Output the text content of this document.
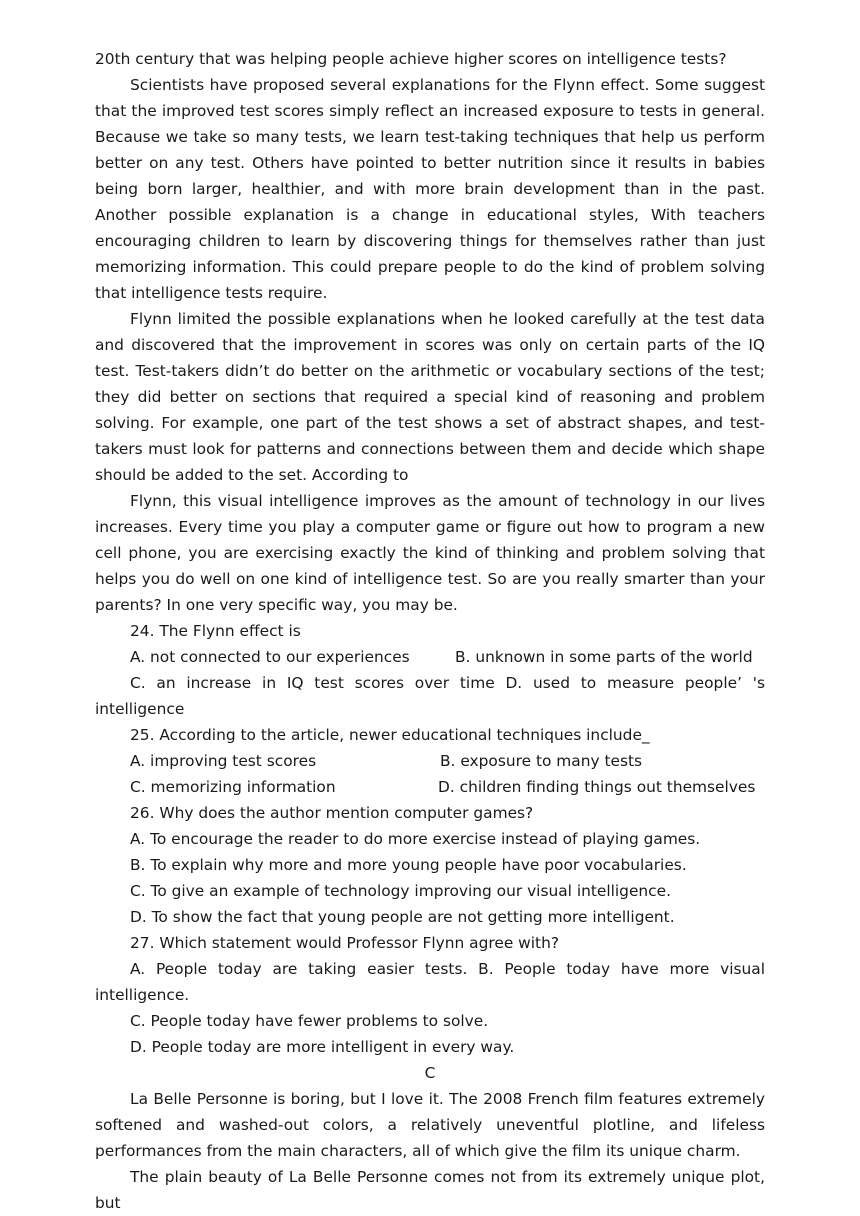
20th century that was helping people achieve higher scores on intelligence tests?

Scientists have proposed several explanations for the Flynn effect. Some suggest that the improved test scores simply reflect an increased exposure to tests in general. Because we take so many tests, we learn test-taking techniques that help us perform better on any test. Others have pointed to better nutrition since it results in babies being born larger, healthier, and with more brain development than in the past. Another possible explanation is a change in educational styles, With teachers encouraging children to learn by discovering things for themselves rather than just memorizing information. This could prepare people to do the kind of problem solving that intelligence tests require.

Flynn limited the possible explanations when he looked carefully at the test data and discovered that the improvement in scores was only on certain parts of the IQ test. Test-takers didn’t do better on the arithmetic or vocabulary sections of the test; they did better on sections that required a special kind of reasoning and problem solving. For example, one part of the test shows a set of abstract shapes, and test-takers must look for patterns and connections between them and decide which shape should be added to the set. According to

Flynn, this visual intelligence improves as the amount of technology in our lives increases. Every time you play a computer game or figure out how to program a new cell phone, you are exercising exactly the kind of thinking and problem solving that helps you do well on one kind of intelligence test. So are you really smarter than your parents? In one very specific way, you may be.

24. The Flynn effect is

A. not connected to our experiences	B. unknown in some parts of the world

C. an increase in IQ test scores over time D. used to measure people’ 's intelligence

25. According to the article, newer educational techniques include_

A. improving test scores	B. exposure to many tests
C. memorizing information	D. children finding things out themselves

26. Why does the author mention computer games?

A. To encourage the reader to do more exercise instead of playing games.

B. To explain why more and more young people have poor vocabularies.

C. To give an example of technology improving our visual intelligence.

D. To show the fact that young people are not getting more intelligent.

27. Which statement would Professor Flynn agree with?

A. People today are taking easier tests. B. People today have more visual intelligence.

C. People today have fewer problems to solve.

D. People today are more intelligent in every way.

C

La Belle Personne is boring, but I love it. The 2008 French film features extremely softened and washed-out colors, a relatively uneventful plotline, and lifeless performances from the main characters, all of which give the film its unique charm.

The plain beauty of La Belle Personne comes not from its extremely unique plot, but
